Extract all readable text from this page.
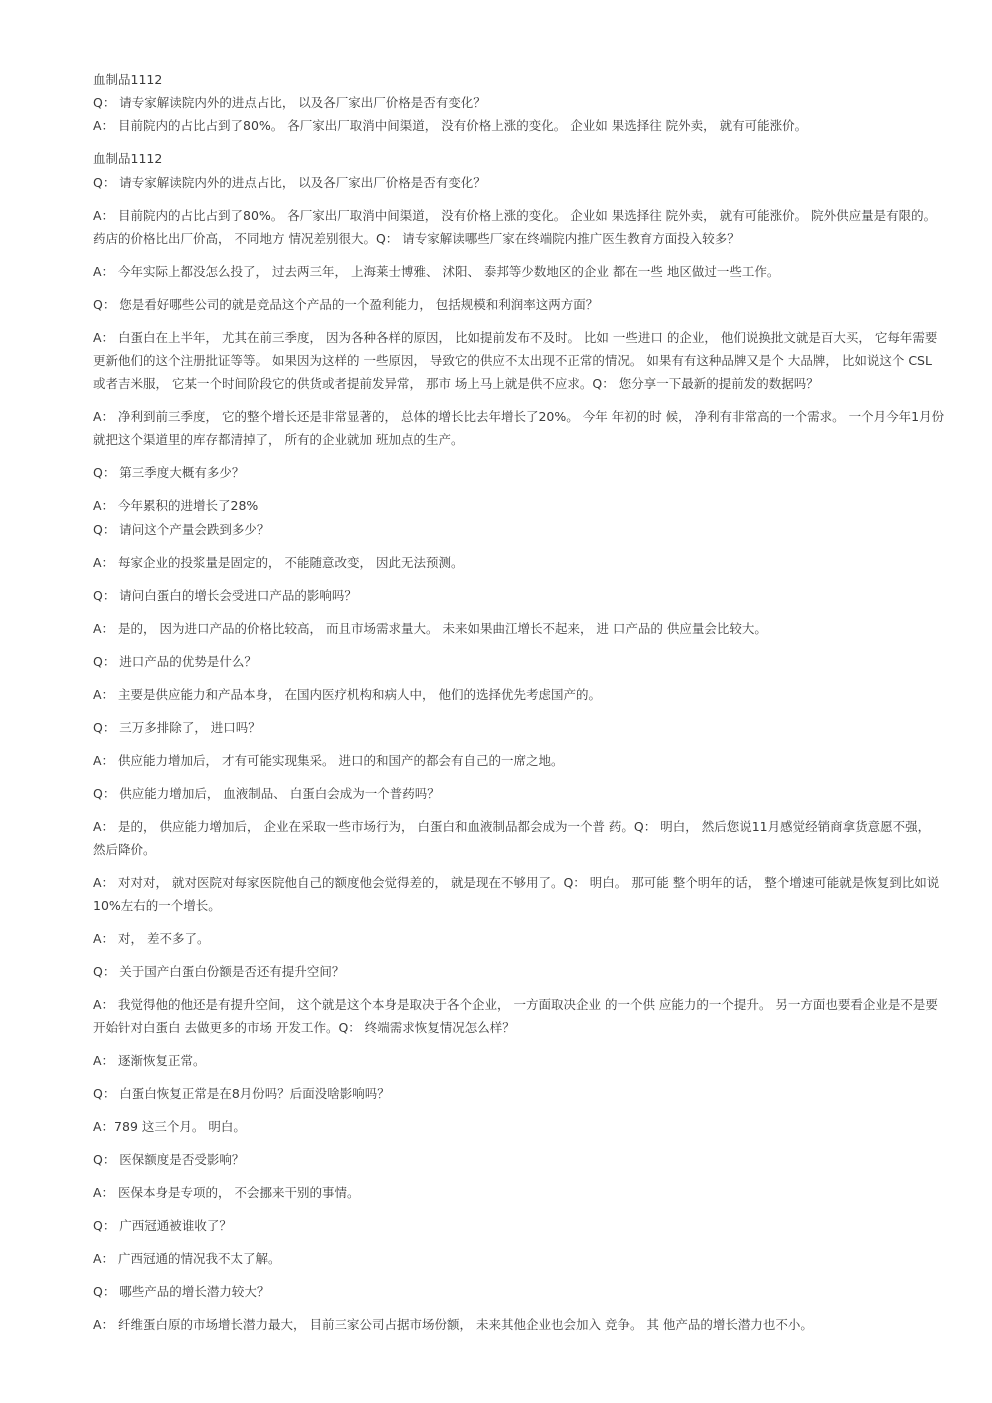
血制品1112
Q： 请专家解读院内外的进点占比， 以及各厂家出厂价格是否有变化？
A： 目前院内的占比占到了80%。 各厂家出厂取消中间渠道， 没有价格上涨的变化。 企业如 果选择往 院外卖， 就有可能涨价。
血制品1112
Q： 请专家解读院内外的进点占比， 以及各厂家出厂价格是否有变化？
A： 目前院内的占比占到了80%。 各厂家出厂取消中间渠道， 没有价格上涨的变化。 企业如 果选择往 院外卖， 就有可能涨价。 院外供应量是有限的。 药店的价格比出厂价高， 不同地方 情况差别很大。Q： 请专家解读哪些厂家在终端院内推广医生教育方面投入较多？
A： 今年实际上都没怎么投了， 过去两三年， 上海莱士博雅、 沭阳、 泰邦等少数地区的企业 都在一些 地区做过一些工作。
Q： 您是看好哪些公司的就是竞品这个产品的一个盈利能力， 包括规模和利润率这两方面？
A： 白蛋白在上半年， 尤其在前三季度， 因为各种各样的原因， 比如提前发布不及时。 比如 一些进口 的企业， 他们说换批文就是百大买， 它每年需要更新他们的这个注册批证等等。 如果因为这样的 一些原因， 导致它的供应不太出现不正常的情况。 如果有有这种品牌又是个 大品牌， 比如说这个 CSL 或者吉米服， 它某一个时间阶段它的供货或者提前发异常， 那市 场上马上就是供不应求。Q： 您分享一下最新的提前发的数据吗？
A： 净利到前三季度， 它的整个增长还是非常显著的， 总体的增长比去年增长了20%。 今年 年初的时 候， 净利有非常高的一个需求。 一个月今年1月份就把这个渠道里的库存都清掉了， 所有的企业就加 班加点的生产。
Q： 第三季度大概有多少？
A： 今年累积的进增长了28%
Q： 请问这个产量会跌到多少？
A： 每家企业的投浆量是固定的， 不能随意改变， 因此无法预测。
Q： 请问白蛋白的增长会受进口产品的影响吗？
A： 是的， 因为进口产品的价格比较高， 而且市场需求量大。 未来如果曲江增长不起来， 进 口产品的 供应量会比较大。
Q： 进口产品的优势是什么？
A： 主要是供应能力和产品本身， 在国内医疗机构和病人中， 他们的选择优先考虑国产的。
Q： 三万多排除了， 进口吗？
A： 供应能力增加后， 才有可能实现集采。 进口的和国产的都会有自己的一席之地。
Q： 供应能力增加后， 血液制品、 白蛋白会成为一个普药吗？
A： 是的， 供应能力增加后， 企业在采取一些市场行为， 白蛋白和血液制品都会成为一个普 药。Q： 明白， 然后您说11月感觉经销商拿货意愿不强， 然后降价。
A： 对对对， 就对医院对每家医院他自己的额度他会觉得差的， 就是现在不够用了。Q： 明白。 那可能 整个明年的话， 整个增速可能就是恢复到比如说10%左右的一个增长。
A： 对， 差不多了。
Q： 关于国产白蛋白份额是否还有提升空间？
A： 我觉得他的他还是有提升空间， 这个就是这个本身是取决于各个企业， 一方面取决企业 的一个供 应能力的一个提升。 另一方面也要看企业是不是要开始针对白蛋白 去做更多的市场 开发工作。Q： 终端需求恢复情况怎么样？
A： 逐渐恢复正常。
Q： 白蛋白恢复正常是在8月份吗？后面没啥影响吗？
A：789 这三个月。 明白。
Q： 医保额度是否受影响？
A： 医保本身是专项的， 不会挪来干别的事情。
Q： 广西冠通被谁收了？
A： 广西冠通的情况我不太了解。
Q： 哪些产品的增长潜力较大？
A： 纤维蛋白原的市场增长潜力最大， 目前三家公司占据市场份额， 未来其他企业也会加入 竞争。 其 他产品的增长潜力也不小。
